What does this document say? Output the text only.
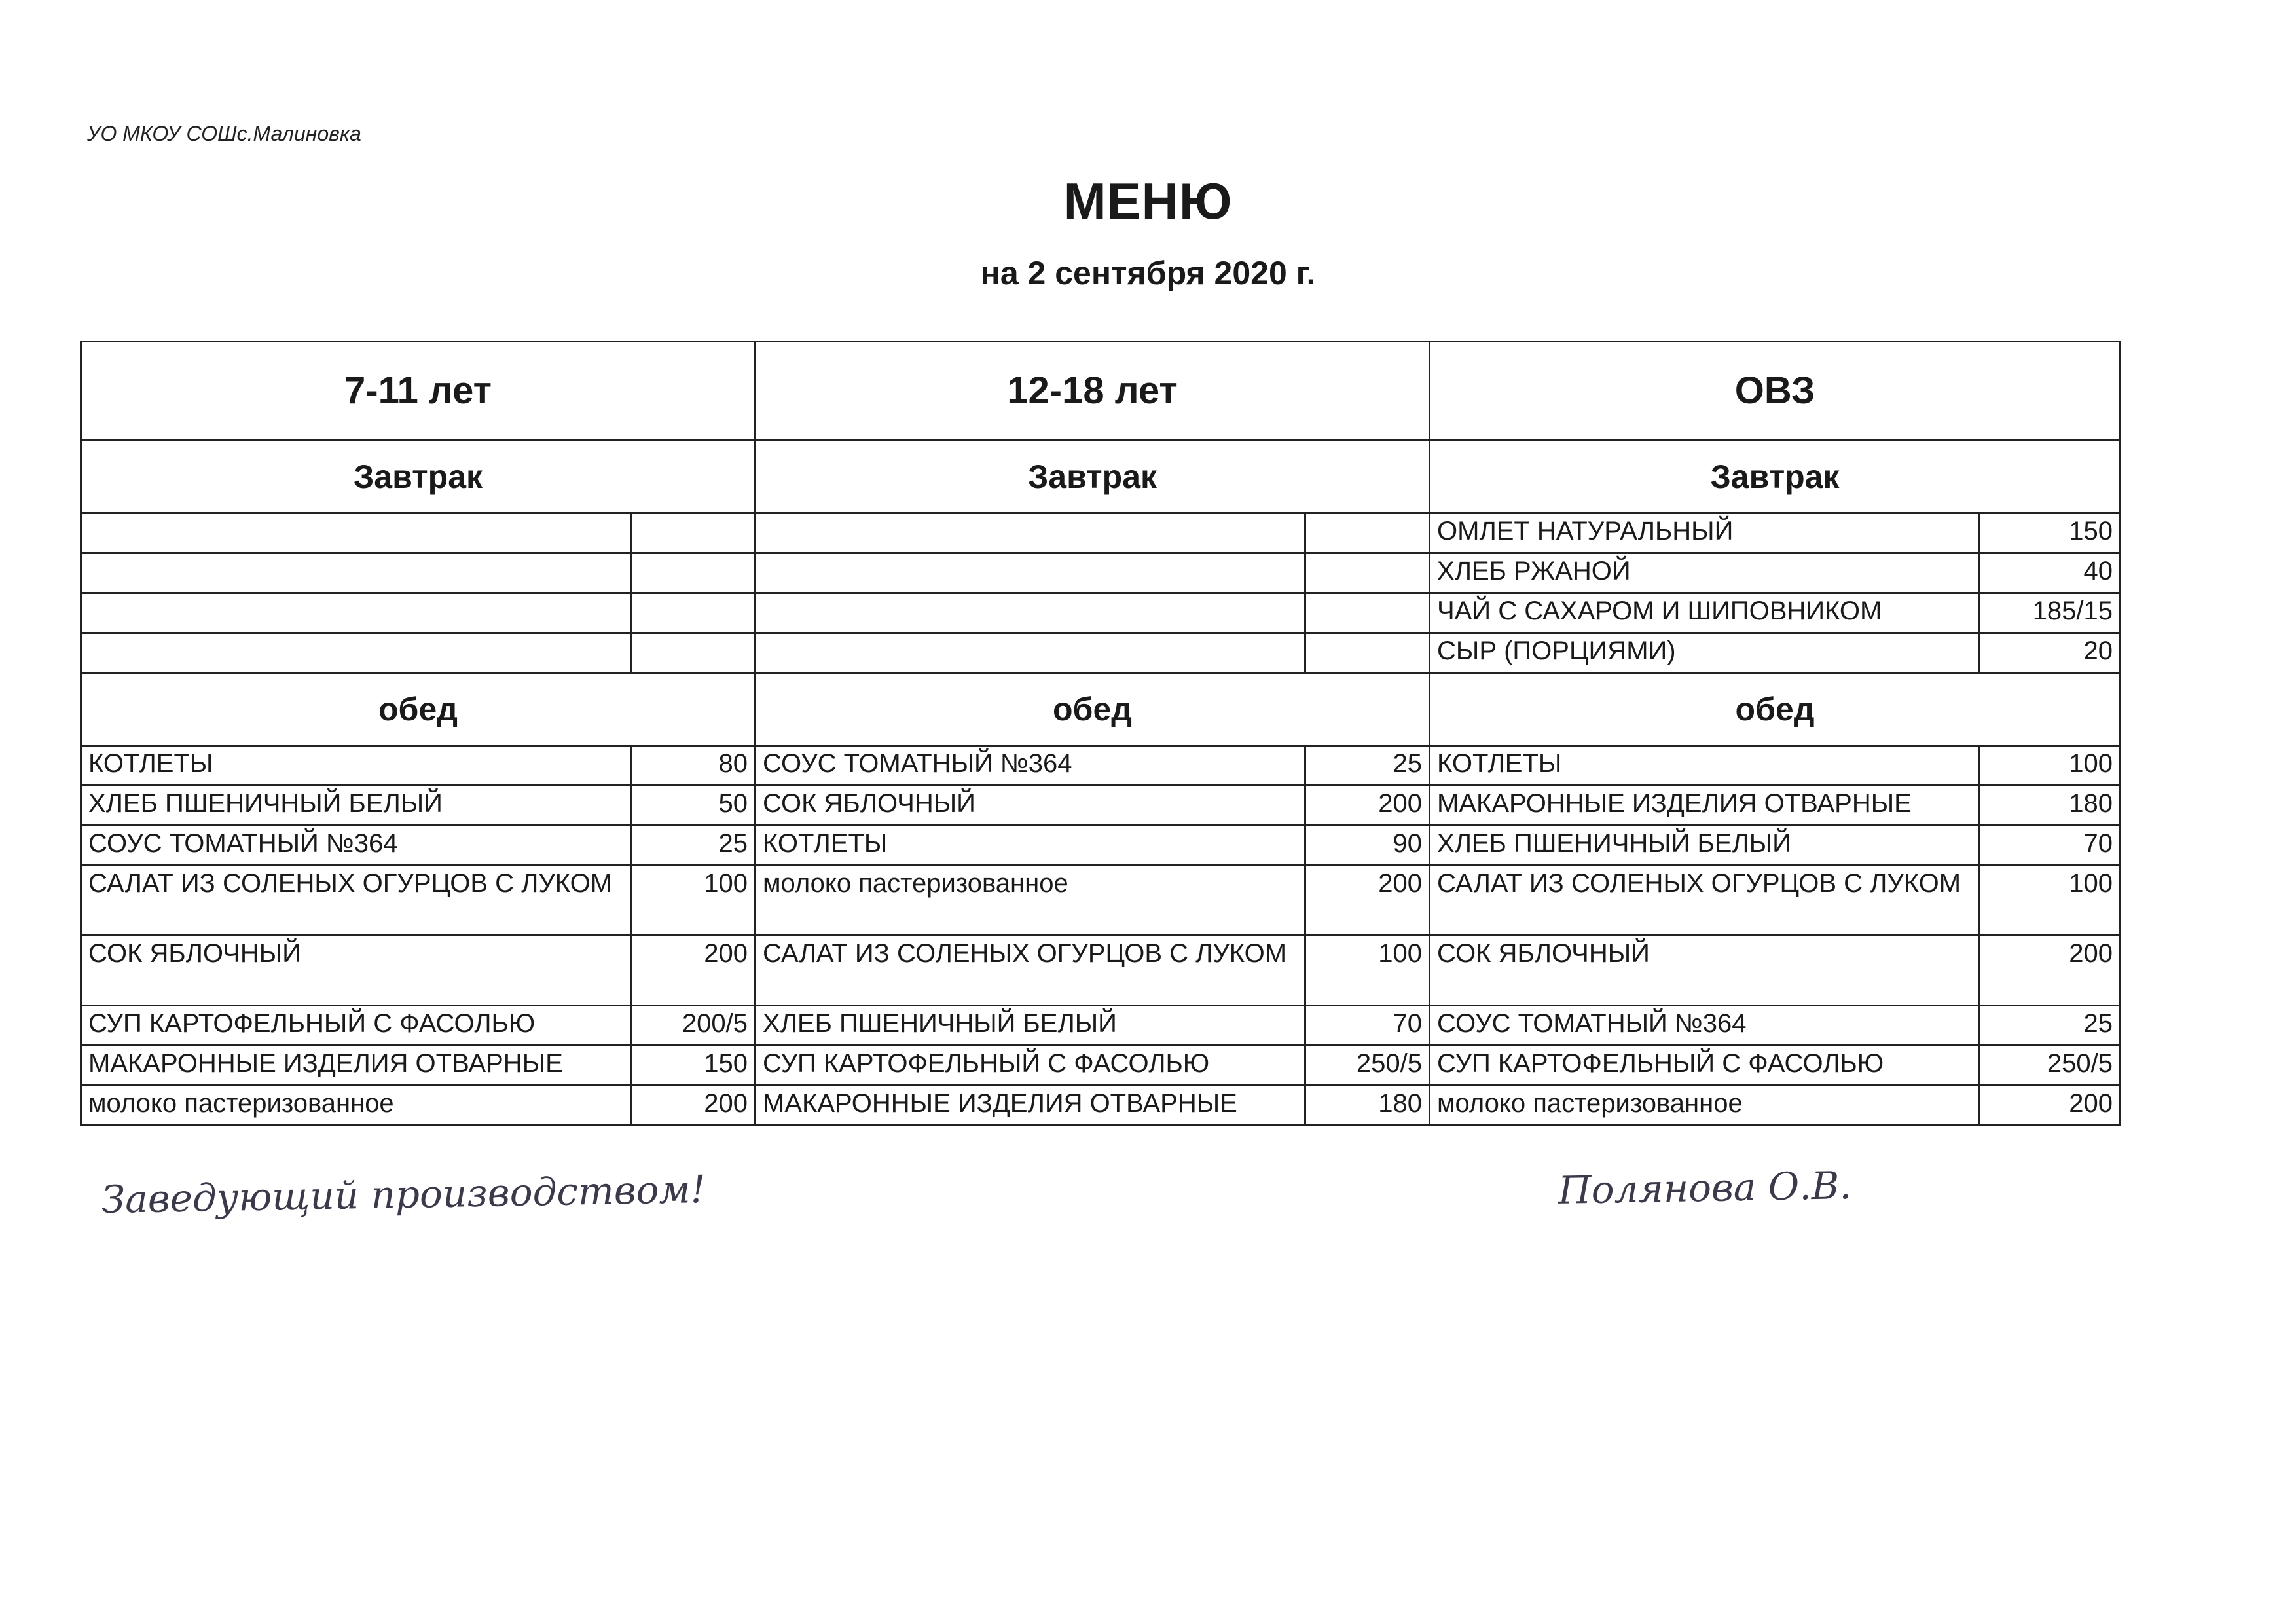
УО МКОУ СОШс.Малиновка
МЕНЮ
на 2 сентября 2020 г.
7-11 лет		12-18 лет		ОВЗ	
Завтрак		Завтрак		Завтрак	
				ОМЛЕТ НАТУРАЛЬНЫЙ	150
				ХЛЕБ РЖАНОЙ	40
				ЧАЙ С САХАРОМ И ШИПОВНИКОМ	185/15
				СЫР (ПОРЦИЯМИ)	20
обед		обед		обед	
КОТЛЕТЫ	80	СОУС ТОМАТНЫЙ №364	25	КОТЛЕТЫ	100
ХЛЕБ ПШЕНИЧНЫЙ БЕЛЫЙ	50	СОК ЯБЛОЧНЫЙ	200	МАКАРОННЫЕ ИЗДЕЛИЯ ОТВАРНЫЕ	180
СОУС ТОМАТНЫЙ №364	25	КОТЛЕТЫ	90	ХЛЕБ ПШЕНИЧНЫЙ БЕЛЫЙ	70
САЛАТ ИЗ СОЛЕНЫХ ОГУРЦОВ С ЛУКОМ	100	молоко пастеризованное	200	САЛАТ ИЗ СОЛЕНЫХ ОГУРЦОВ С ЛУКОМ	100
СОК ЯБЛОЧНЫЙ	200	САЛАТ ИЗ СОЛЕНЫХ ОГУРЦОВ С ЛУКОМ	100	СОК ЯБЛОЧНЫЙ	200
СУП КАРТОФЕЛЬНЫЙ С ФАСОЛЬЮ	200/5	ХЛЕБ ПШЕНИЧНЫЙ БЕЛЫЙ	70	СОУС ТОМАТНЫЙ №364	25
МАКАРОННЫЕ ИЗДЕЛИЯ ОТВАРНЫЕ	150	СУП КАРТОФЕЛЬНЫЙ С ФАСОЛЬЮ	250/5	СУП КАРТОФЕЛЬНЫЙ С ФАСОЛЬЮ	250/5
молоко пастеризованное	200	МАКАРОННЫЕ ИЗДЕЛИЯ ОТВАРНЫЕ	180	молоко пастеризованное	200
Заведующий производством!	Полянова О.В.
